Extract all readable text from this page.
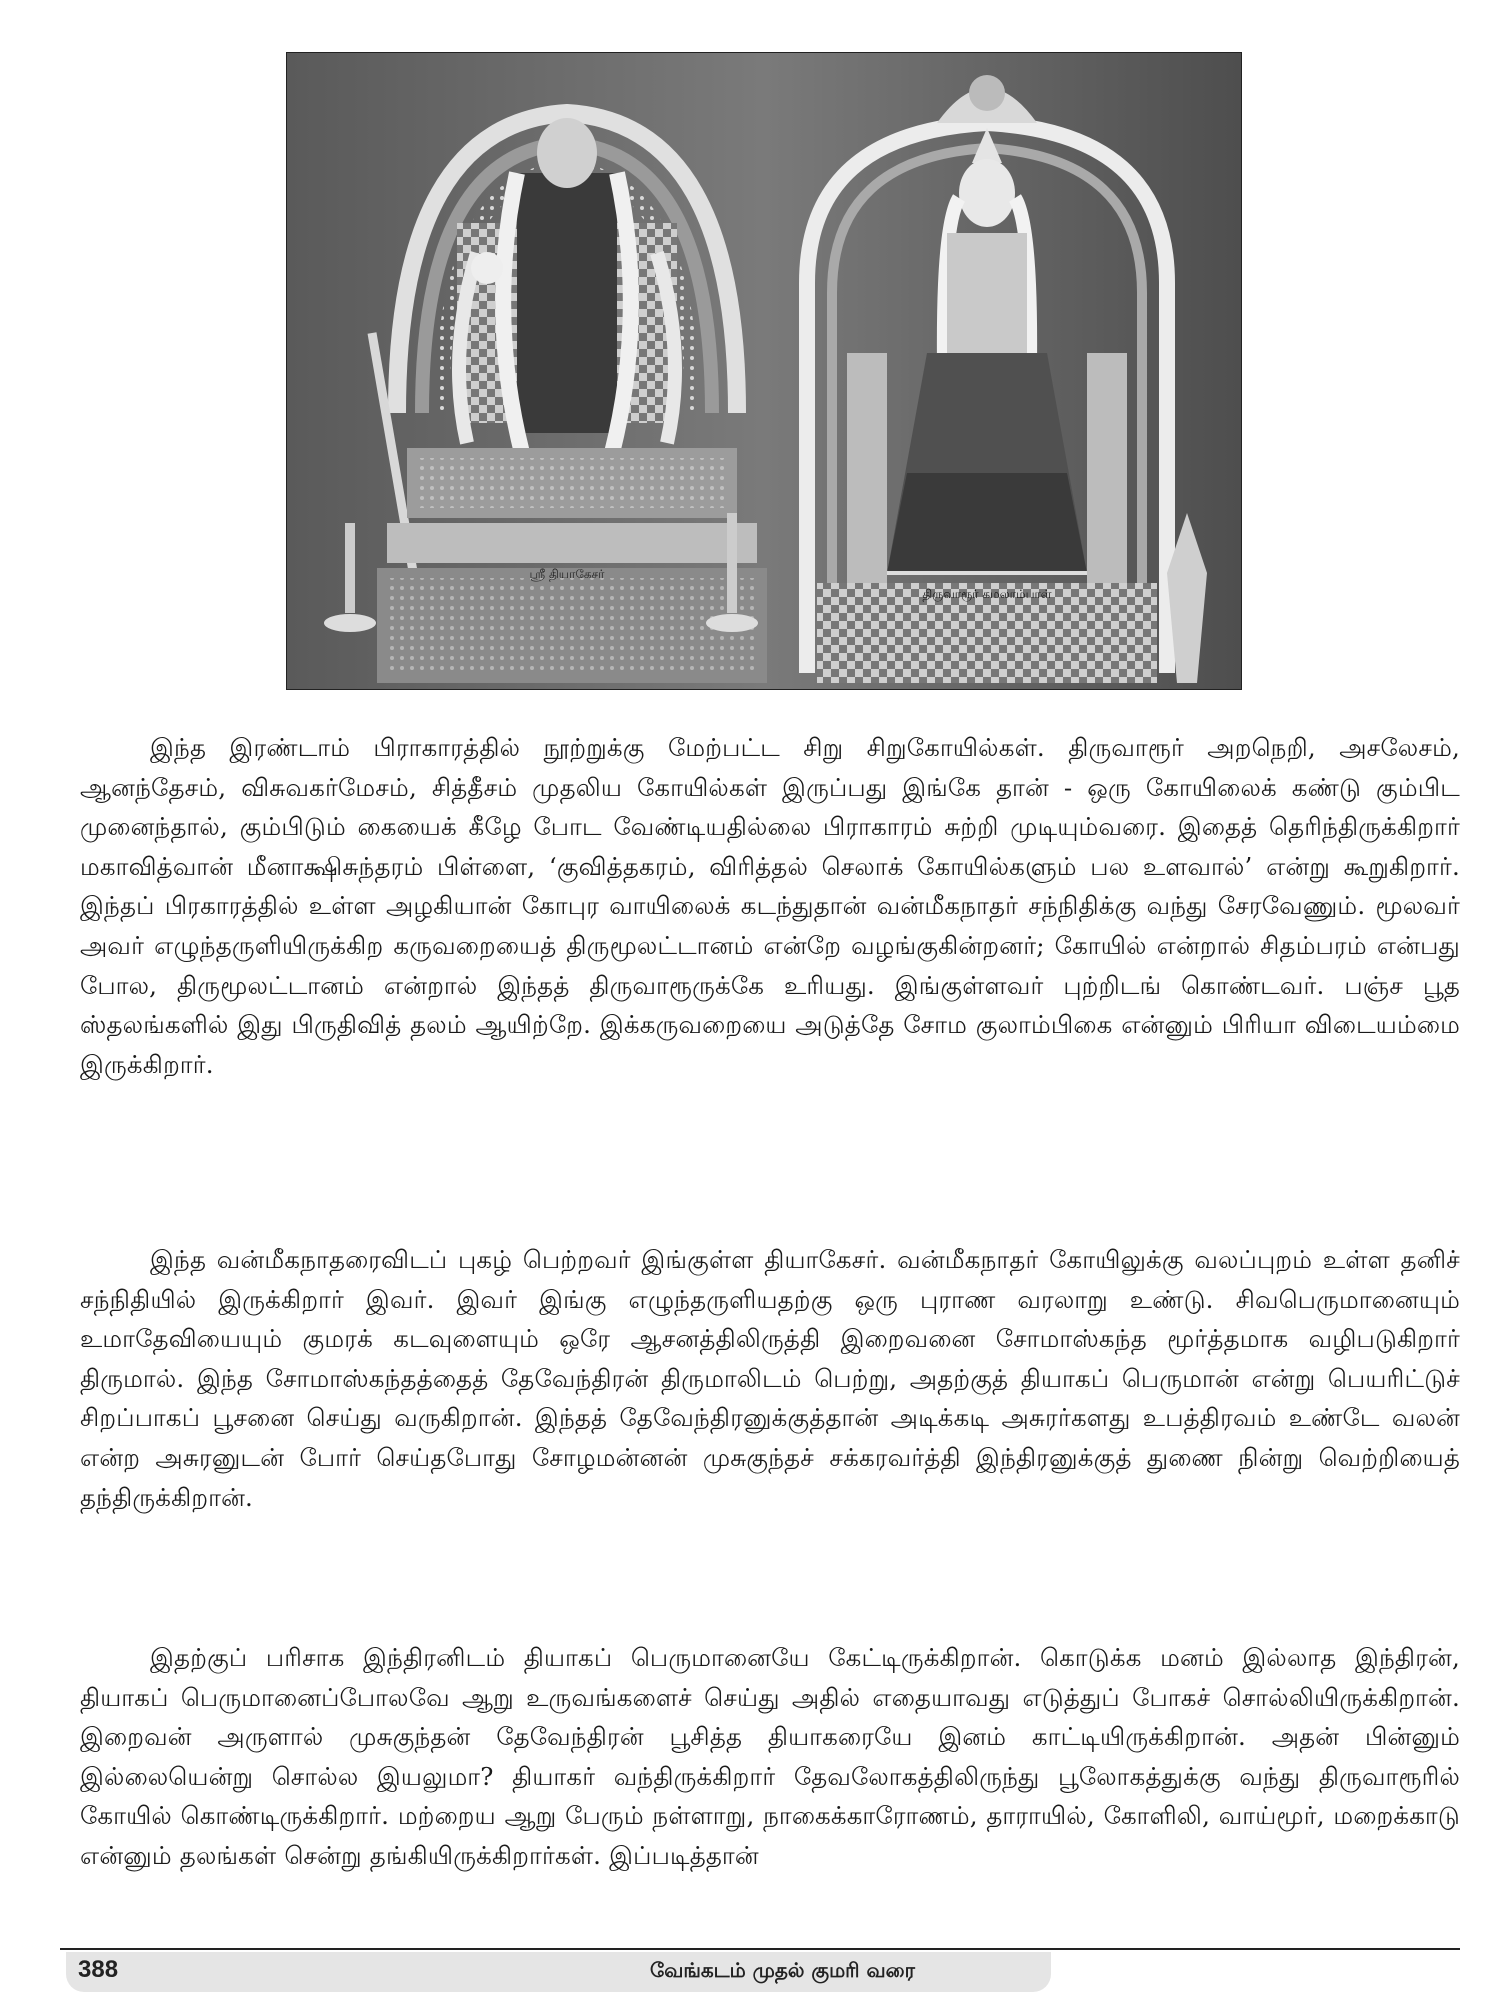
ஸ்ரீ தியாகேசர்
திருவாரூர் கமலாம்பாள்

இந்த இரண்டாம் பிராகாரத்தில் நூற்றுக்கு மேற்பட்ட சிறு சிறுகோயில்கள். திருவாரூர் அறநெறி, அசலேசம், ஆனந்தேசம், விசுவகர்மேசம், சித்தீசம் முதலிய கோயில்கள் இருப்பது இங்கே தான் - ஒரு கோயிலைக் கண்டு கும்பிட முனைந்தால், கும்பிடும் கையைக் கீழே போட வேண்டியதில்லை பிராகாரம் சுற்றி முடியும்வரை. இதைத் தெரிந்திருக்கிறார் மகாவித்வான் மீனாக்ஷிசுந்தரம் பிள்ளை, ‘குவித்தகரம், விரித்தல் செலாக் கோயில்களும் பல உளவால்’ என்று கூறுகிறார். இந்தப் பிரகாரத்தில் உள்ள அழகியான் கோபுர வாயிலைக் கடந்துதான் வன்மீகநாதர் சந்நிதிக்கு வந்து சேரவேணும். மூலவர் அவர் எழுந்தருளியிருக்கிற கருவறையைத் திருமூலட்டானம் என்றே வழங்குகின்றனர்; கோயில் என்றால் சிதம்பரம் என்பது போல, திருமூலட்டானம் என்றால் இந்தத் திருவாரூருக்கே உரியது. இங்குள்ளவர் புற்றிடங் கொண்டவர். பஞ்ச பூத ஸ்தலங்களில் இது பிருதிவித் தலம் ஆயிற்றே. இக்கருவறையை அடுத்தே சோம குலாம்பிகை என்னும் பிரியா விடையம்மை இருக்கிறார்.

இந்த வன்மீகநாதரைவிடப் புகழ் பெற்றவர் இங்குள்ள தியாகேசர். வன்மீகநாதர் கோயிலுக்கு வலப்புறம் உள்ள தனிச் சந்நிதியில் இருக்கிறார் இவர். இவர் இங்கு எழுந்தருளியதற்கு ஒரு புராண வரலாறு உண்டு. சிவபெருமானையும் உமாதேவியையும் குமரக் கடவுளையும் ஒரே ஆசனத்திலிருத்தி இறைவனை சோமாஸ்கந்த மூர்த்தமாக வழிபடுகிறார் திருமால். இந்த சோமாஸ்கந்தத்தைத் தேவேந்திரன் திருமாலிடம் பெற்று, அதற்குத் தியாகப் பெருமான் என்று பெயரிட்டுச் சிறப்பாகப் பூசனை செய்து வருகிறான். இந்தத் தேவேந்திரனுக்குத்தான் அடிக்கடி அசுரர்களது உபத்திரவம் உண்டே வலன் என்ற அசுரனுடன் போர் செய்தபோது சோழமன்னன் முசுகுந்தச் சக்கரவர்த்தி இந்திரனுக்குத் துணை நின்று வெற்றியைத் தந்திருக்கிறான்.

இதற்குப் பரிசாக இந்திரனிடம் தியாகப் பெருமானையே கேட்டிருக்கிறான். கொடுக்க மனம் இல்லாத இந்திரன், தியாகப் பெருமானைப்போலவே ஆறு உருவங்களைச் செய்து அதில் எதையாவது எடுத்துப் போகச் சொல்லியிருக்கிறான். இறைவன் அருளால் முசுகுந்தன் தேவேந்திரன் பூசித்த தியாகரையே இனம் காட்டியிருக்கிறான். அதன் பின்னும் இல்லையென்று சொல்ல இயலுமா? தியாகர் வந்திருக்கிறார் தேவலோகத்திலிருந்து பூலோகத்துக்கு வந்து திருவாரூரில் கோயில் கொண்டிருக்கிறார். மற்றைய ஆறு பேரும் நள்ளாறு, நாகைக்காரோணம், தாராயில், கோளிலி, வாய்மூர், மறைக்காடு என்னும் தலங்கள் சென்று தங்கியிருக்கிறார்கள். இப்படித்தான்

388	வேங்கடம் முதல் குமரி வரை
